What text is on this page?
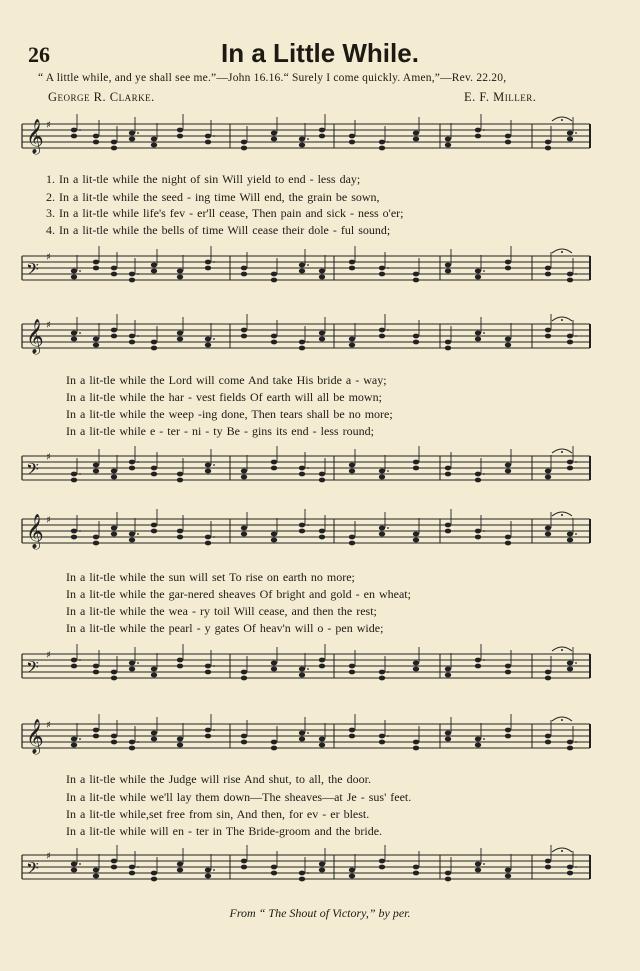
26	In a Little While.
“ A little while, and ye shall see me.”—John 16.16.“ Surely I come quickly. Amen,”—Rev. 22.20,
George R. Clarke.	E. F. Miller.
𝄞 ♯
1. In a lit-tle while the night of sin Will yield to end - less day;
2. In a lit-tle while the seed - ing time Will end, the grain be sown,
3. In a lit-tle while life's fev - er'll cease, Then pain and sick - ness o'er;
4. In a lit-tle while the bells of time Will cease their dole - ful sound;
𝄢
♯
𝄞 ♯
In a lit-tle while the Lord will come And take His bride a - way;
In a lit-tle while the har - vest fields Of earth will all be mown;
In a lit-tle while the weep -ing done, Then tears shall be no more;
In a lit-tle while e - ter - ni - ty Be - gins its end - less round;
𝄢
♯
𝄞 ♯
In a lit-tle while the sun will set To rise on earth no more;
In a lit-tle while the gar-nered sheaves Of bright and gold - en wheat;
In a lit-tle while the wea - ry toil Will cease, and then the rest;
In a lit-tle while the pearl - y gates Of heav'n will o - pen wide;
𝄢
♯
𝄞 ♯
In a lit-tle while the Judge will rise And shut, to all, the door.
In a lit-tle while we'll lay them down—The sheaves—at Je - sus' feet.
In a lit-tle while,set free from sin, And then, for ev - er blest.
In a lit-tle while will en - ter in The Bride-groom and the bride.
𝄢
♯
From “ The Shout of Victory,” by per.
